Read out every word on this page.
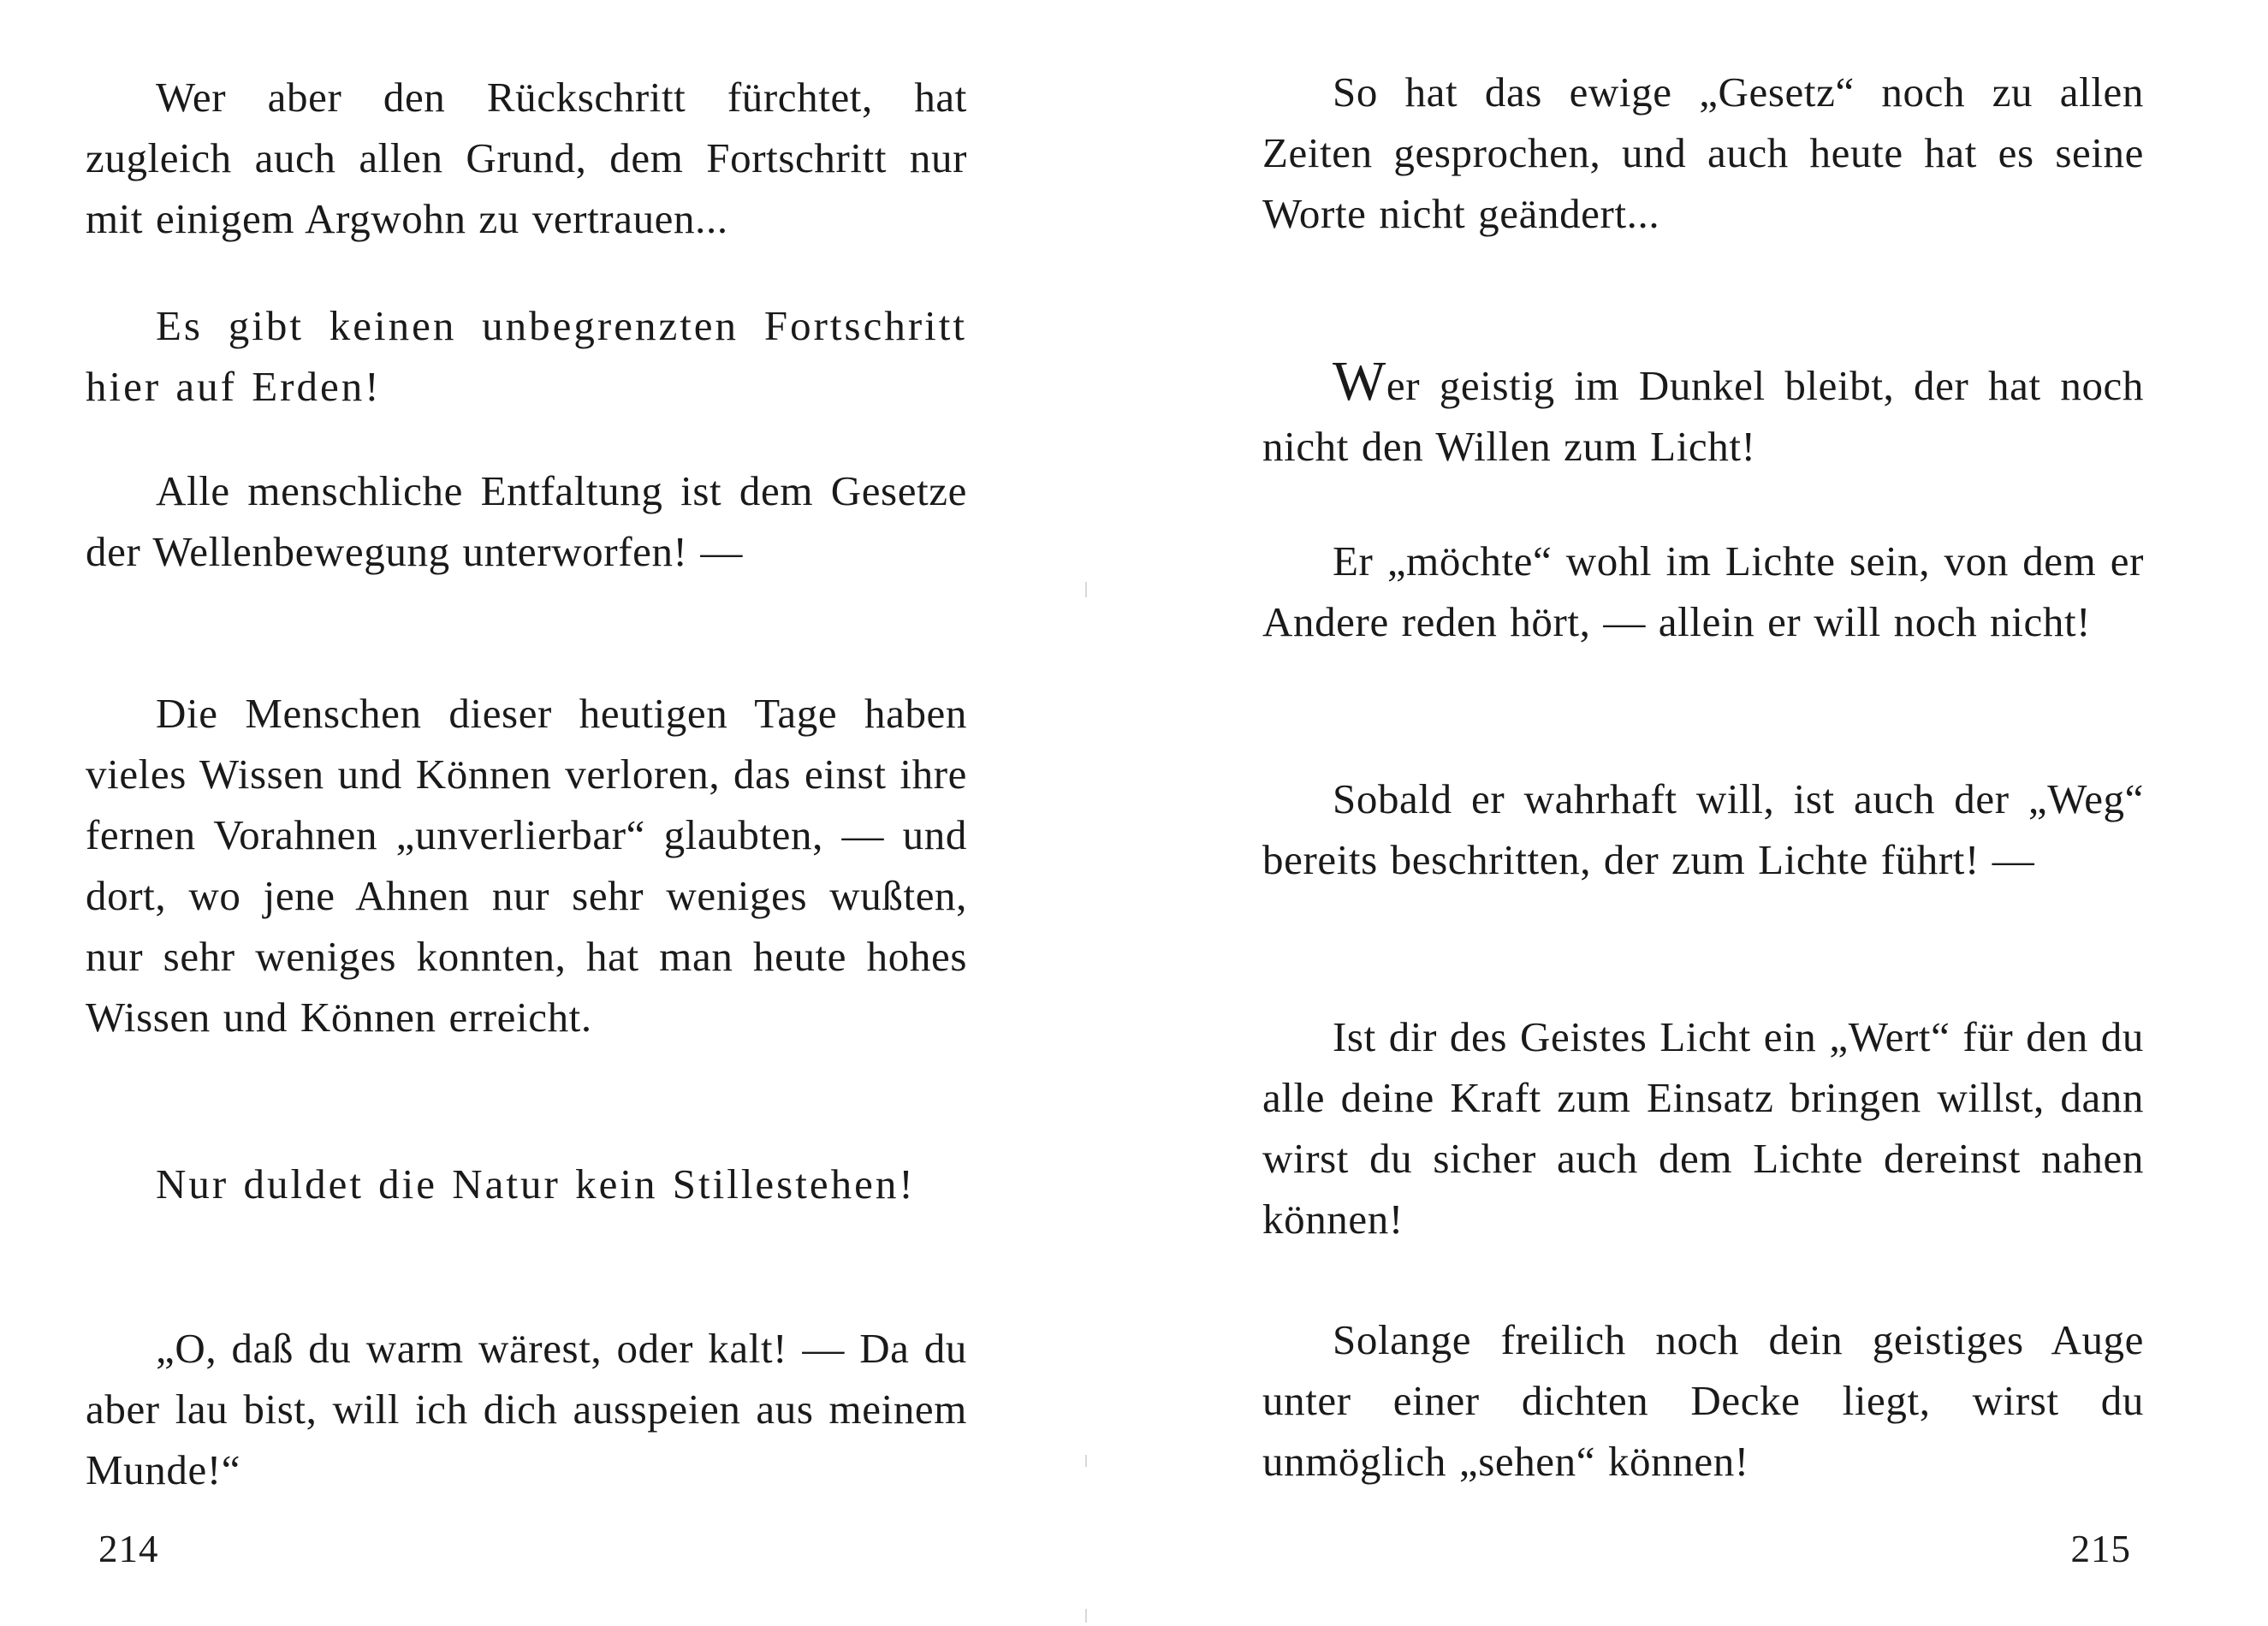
Wer aber den Rückschritt fürchtet, hat zugleich auch allen Grund, dem Fortschritt nur mit einigem Argwohn zu vertrauen...

Es gibt keinen unbegrenzten Fortschritt hier auf Erden!

Alle menschliche Entfaltung ist dem Gesetze der Wellenbewegung unterworfen! —

Die Menschen dieser heutigen Tage haben vieles Wissen und Können verloren, das einst ihre fernen Vorahnen „unverlierbar“ glaubten, — und dort, wo jene Ahnen nur sehr weniges wußten, nur sehr weniges konnten, hat man heute hohes Wissen und Können erreicht.

Nur duldet die Natur kein Stillestehen!

„O, daß du warm wärest, oder kalt! — Da du aber lau bist, will ich dich ausspeien aus meinem Munde!“

214

So hat das ewige „Gesetz“ noch zu allen Zeiten gesprochen, und auch heute hat es seine Worte nicht geändert...

Wer geistig im Dunkel bleibt, der hat noch nicht den Willen zum Licht!

Er „möchte“ wohl im Lichte sein, von dem er Andere reden hört, — allein er will noch nicht!

Sobald er wahrhaft will, ist auch der „Weg“ bereits beschritten, der zum Lichte führt! —

Ist dir des Geistes Licht ein „Wert“ für den du alle deine Kraft zum Einsatz bringen willst, dann wirst du sicher auch dem Lichte dereinst nahen können!

Solange freilich noch dein geistiges Auge unter einer dichten Decke liegt, wirst du unmöglich „sehen“ können!

215
